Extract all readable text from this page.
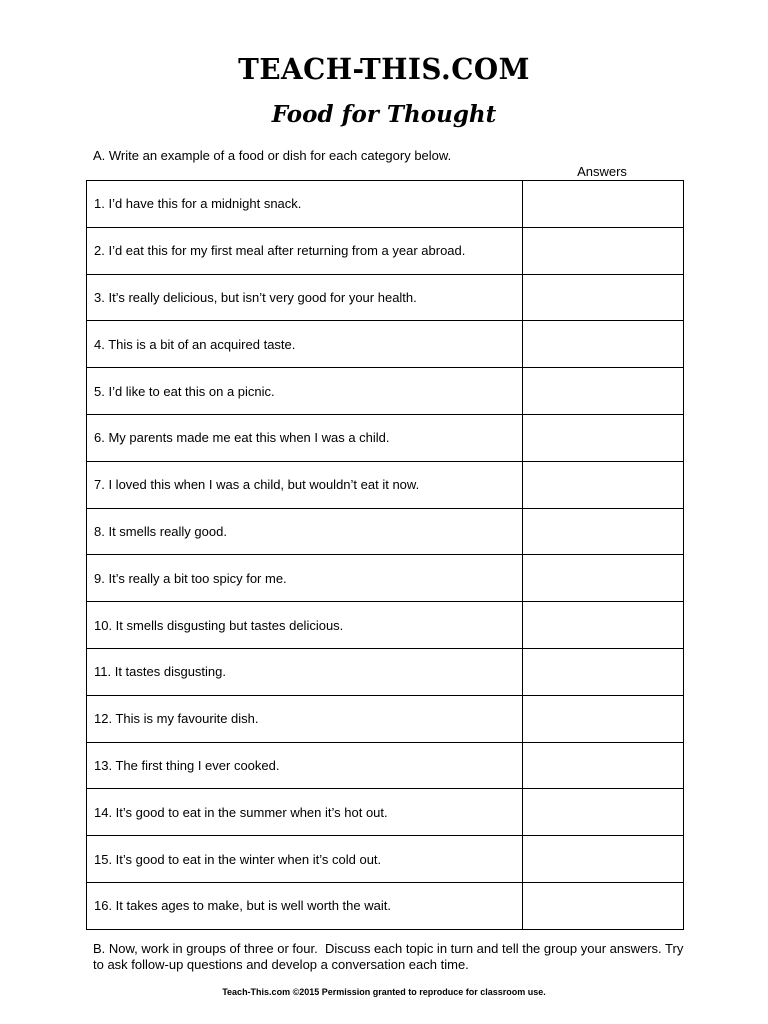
TEACH-THIS.COM
Food for Thought
A. Write an example of a food or dish for each category below.
Answers
1. I’d have this for a midnight snack.	
2. I’d eat this for my first meal after returning from a year abroad.	
3. It’s really delicious, but isn’t very good for your health.	
4. This is a bit of an acquired taste.	
5. I’d like to eat this on a picnic.	
6. My parents made me eat this when I was a child.	
7. I loved this when I was a child, but wouldn’t eat it now.	
8. It smells really good.	
9. It’s really a bit too spicy for me.	
10. It smells disgusting but tastes delicious.	
11. It tastes disgusting.	
12. This is my favourite dish.	
13. The first thing I ever cooked.	
14. It’s good to eat in the summer when it’s hot out.	
15. It’s good to eat in the winter when it’s cold out.	
16. It takes ages to make, but is well worth the wait.	
B. Now, work in groups of three or four.  Discuss each topic in turn and tell the group your answers. Try to ask follow-up questions and develop a conversation each time.
Teach-This.com ©2015 Permission granted to reproduce for classroom use.
